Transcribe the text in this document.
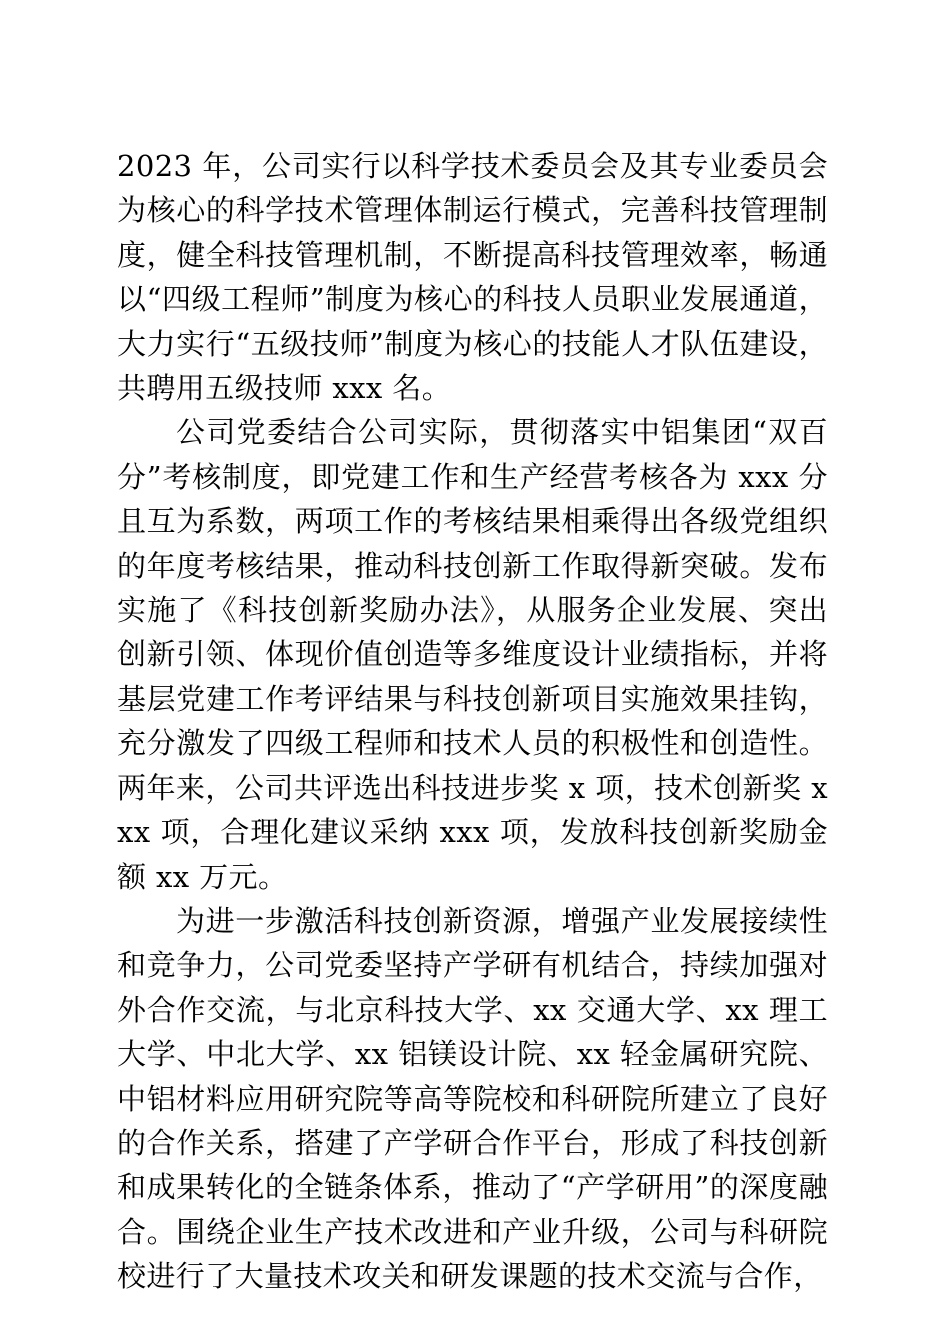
2023 年，公司实行以科学技术委员会及其专业委员会为核心的科学技术管理体制运行模式，完善科技管理制度，健全科技管理机制，不断提高科技管理效率，畅通以“四级工程师”制度为核心的科技人员职业发展通道，大力实行“五级技师”制度为核心的技能人才队伍建设，共聘用五级技师 xxx 名。

公司党委结合公司实际，贯彻落实中铝集团“双百分”考核制度，即党建工作和生产经营考核各为 xxx 分且互为系数，两项工作的考核结果相乘得出各级党组织的年度考核结果，推动科技创新工作取得新突破。发布实施了《科技创新奖励办法》，从服务企业发展、突出创新引领、体现价值创造等多维度设计业绩指标，并将基层党建工作考评结果与科技创新项目实施效果挂钩，充分激发了四级工程师和技术人员的积极性和创造性。两年来，公司共评选出科技进步奖 x 项，技术创新奖 xxx 项，合理化建议采纳 xxx 项，发放科技创新奖励金额 xx 万元。

为进一步激活科技创新资源，增强产业发展接续性和竞争力，公司党委坚持产学研有机结合，持续加强对外合作交流，与北京科技大学、xx 交通大学、xx 理工大学、中北大学、xx 铝镁设计院、xx 轻金属研究院、中铝材料应用研究院等高等院校和科研院所建立了良好的合作关系，搭建了产学研合作平台，形成了科技创新和成果转化的全链条体系，推动了“产学研用”的深度融合。围绕企业生产技术改进和产业升级，公司与科研院校进行了大量技术攻关和研发课题的技术交流与合作，
